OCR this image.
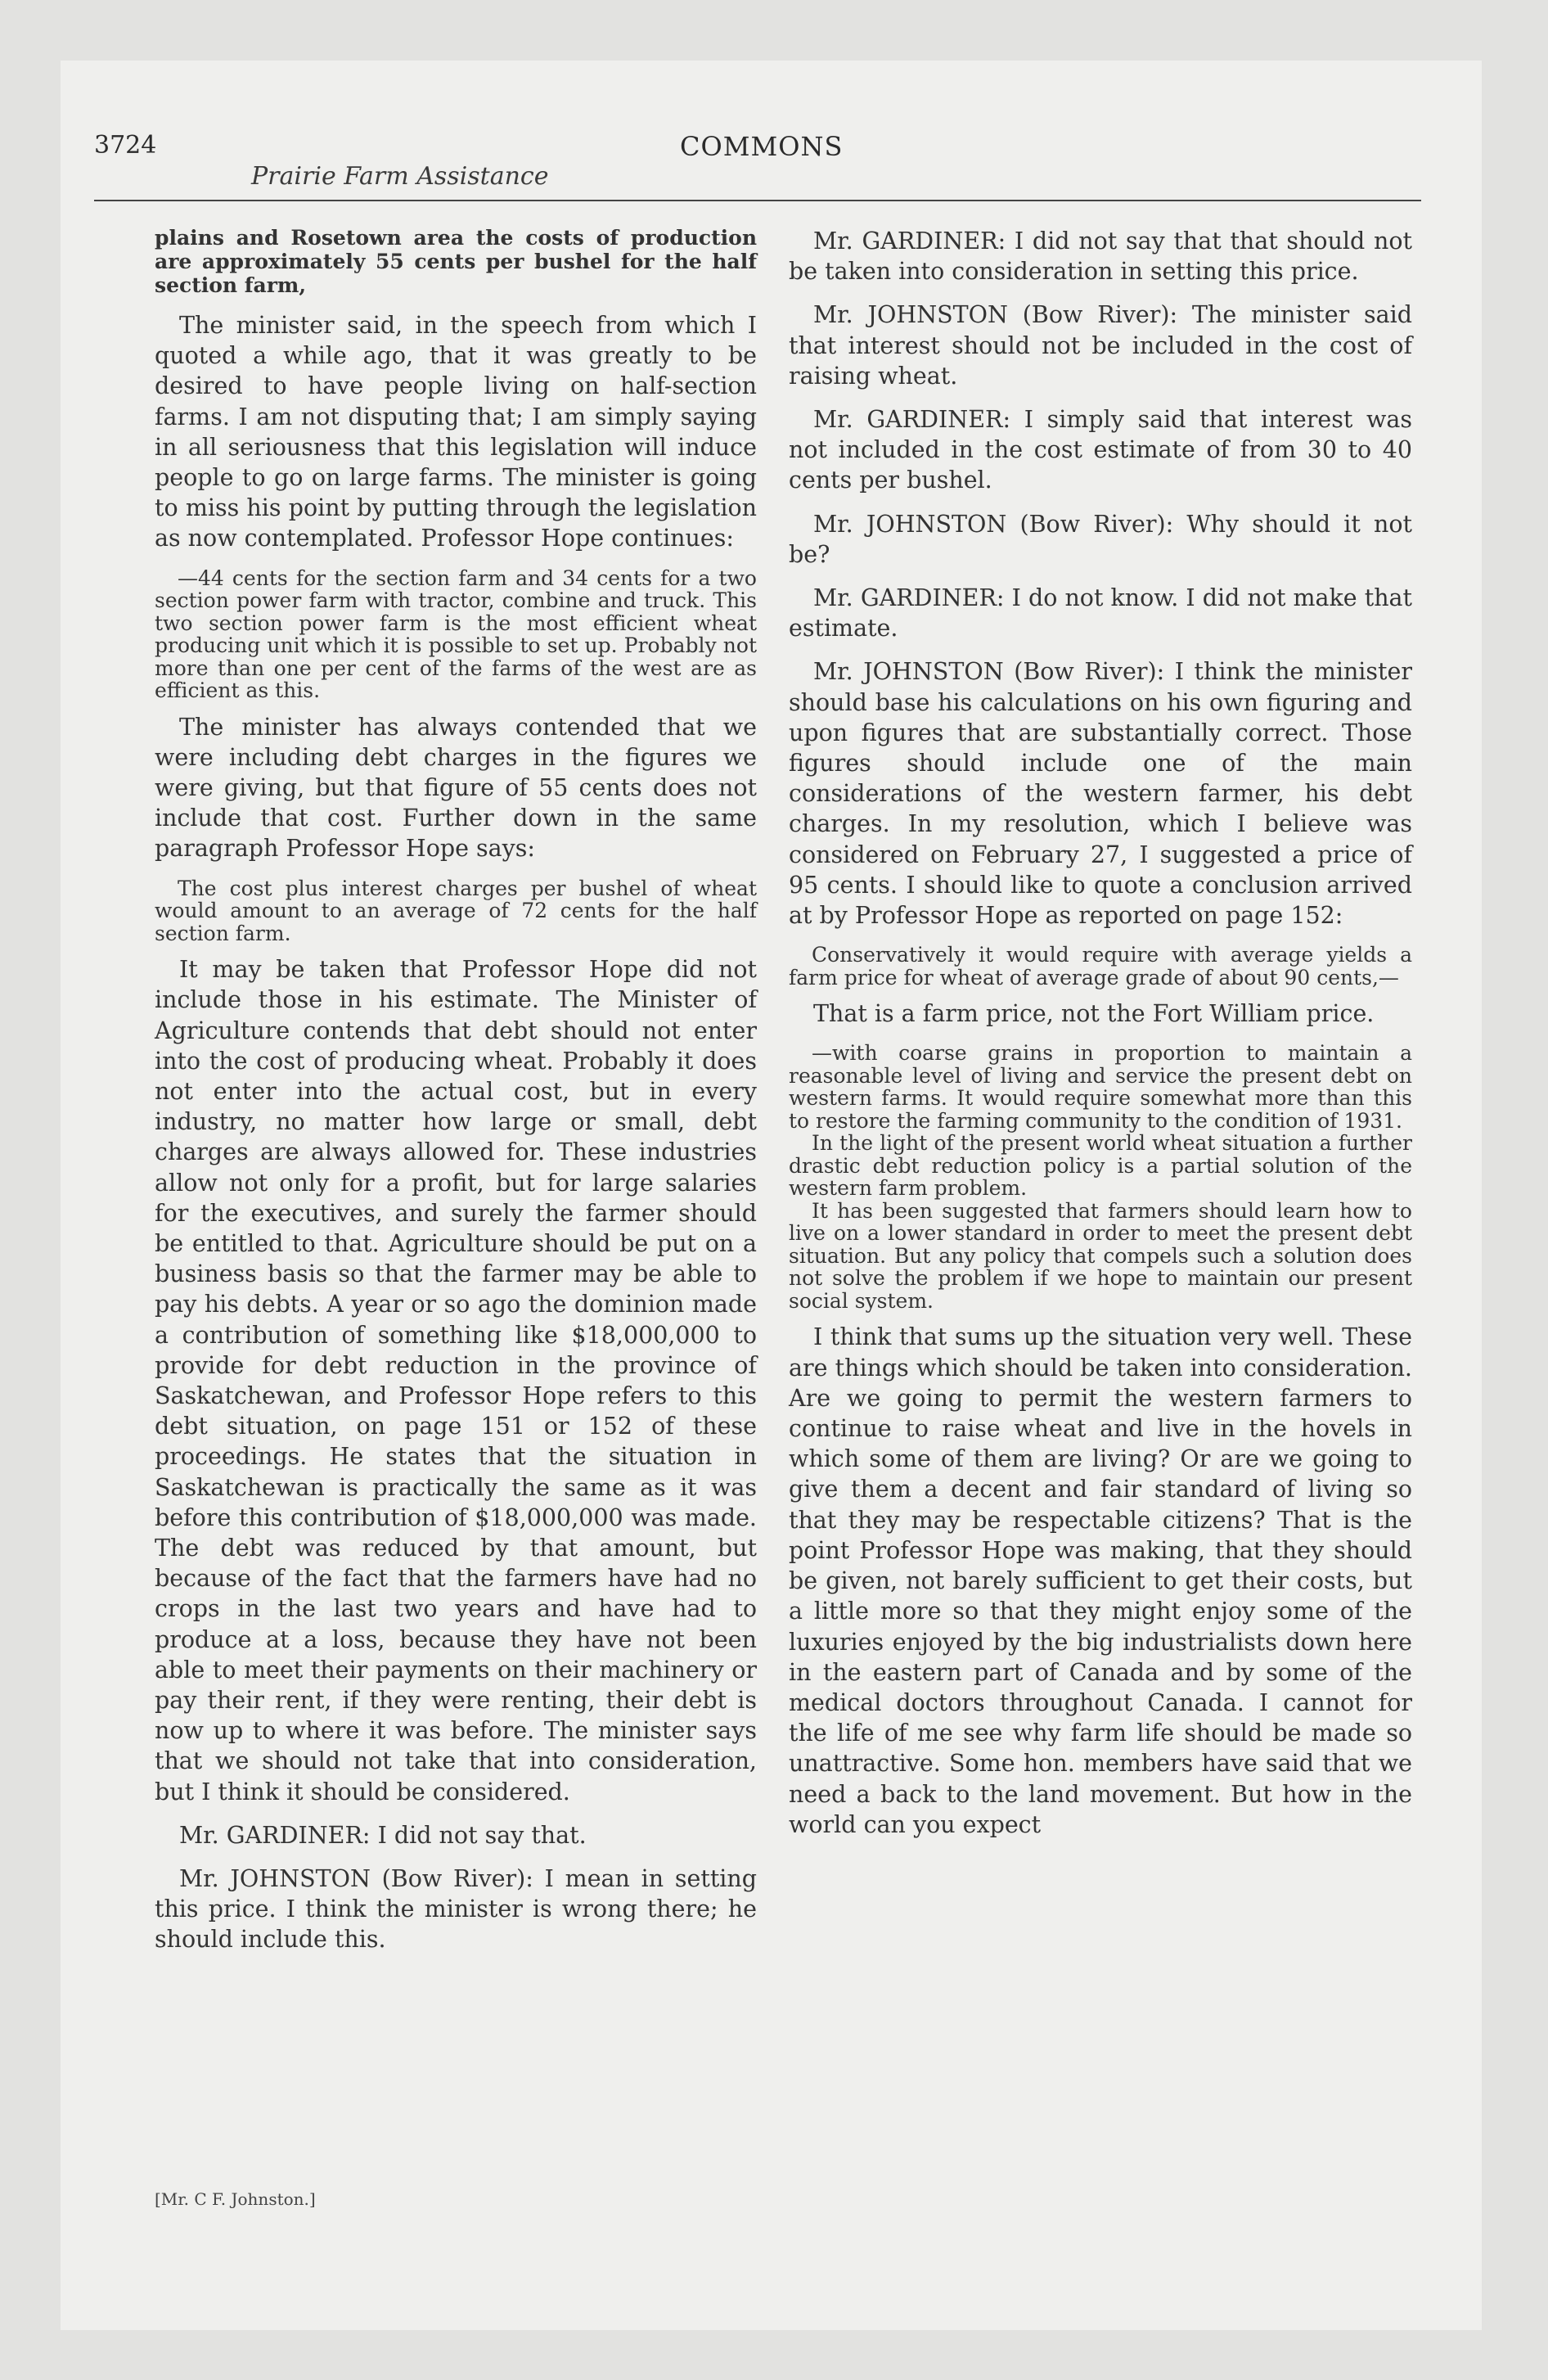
3724
Prairie Farm Assistance
COMMONS

plains and Rosetown area the costs of production are approximately 55 cents per bushel for the half section farm,

The minister said, in the speech from which I quoted a while ago, that it was greatly to be desired to have people living on half-section farms. I am not disputing that; I am simply saying in all seriousness that this legislation will induce people to go on large farms. The minister is going to miss his point by putting through the legislation as now contemplated. Professor Hope continues:

—44 cents for the section farm and 34 cents for a two section power farm with tractor, combine and truck. This two section power farm is the most efficient wheat producing unit which it is possible to set up. Probably not more than one per cent of the farms of the west are as efficient as this.

The minister has always contended that we were including debt charges in the figures we were giving, but that figure of 55 cents does not include that cost. Further down in the same paragraph Professor Hope says:

The cost plus interest charges per bushel of wheat would amount to an average of 72 cents for the half section farm.

It may be taken that Professor Hope did not include those in his estimate. The Minister of Agriculture contends that debt should not enter into the cost of producing wheat. Probably it does not enter into the actual cost, but in every industry, no matter how large or small, debt charges are always allowed for. These industries allow not only for a profit, but for large salaries for the executives, and surely the farmer should be entitled to that. Agriculture should be put on a business basis so that the farmer may be able to pay his debts. A year or so ago the dominion made a contribution of something like $18,000,000 to provide for debt reduction in the province of Saskatchewan, and Professor Hope refers to this debt situation, on page 151 or 152 of these proceedings. He states that the situation in Saskatchewan is practically the same as it was before this contribution of $18,000,000 was made. The debt was reduced by that amount, but because of the fact that the farmers have had no crops in the last two years and have had to produce at a loss, because they have not been able to meet their payments on their machinery or pay their rent, if they were renting, their debt is now up to where it was before. The minister says that we should not take that into consideration, but I think it should be considered.

Mr. GARDINER: I did not say that.

Mr. JOHNSTON (Bow River): I mean in setting this price. I think the minister is wrong there; he should include this.

[Mr. C F. Johnston.]

Mr. GARDINER: I did not say that that should not be taken into consideration in setting this price.

Mr. JOHNSTON (Bow River): The minister said that interest should not be included in the cost of raising wheat.

Mr. GARDINER: I simply said that interest was not included in the cost estimate of from 30 to 40 cents per bushel.

Mr. JOHNSTON (Bow River): Why should it not be?

Mr. GARDINER: I do not know. I did not make that estimate.

Mr. JOHNSTON (Bow River): I think the minister should base his calculations on his own figuring and upon figures that are substantially correct. Those figures should include one of the main considerations of the western farmer, his debt charges. In my resolution, which I believe was considered on February 27, I suggested a price of 95 cents. I should like to quote a conclusion arrived at by Professor Hope as reported on page 152:

Conservatively it would require with average yields a farm price for wheat of average grade of about 90 cents,—

That is a farm price, not the Fort William price.

—with coarse grains in proportion to maintain a reasonable level of living and service the present debt on western farms. It would require somewhat more than this to restore the farming community to the condition of 1931.

In the light of the present world wheat situation a further drastic debt reduction policy is a partial solution of the western farm problem.

It has been suggested that farmers should learn how to live on a lower standard in order to meet the present debt situation. But any policy that compels such a solution does not solve the problem if we hope to maintain our present social system.

I think that sums up the situation very well. These are things which should be taken into consideration. Are we going to permit the western farmers to continue to raise wheat and live in the hovels in which some of them are living? Or are we going to give them a decent and fair standard of living so that they may be respectable citizens? That is the point Professor Hope was making, that they should be given, not barely sufficient to get their costs, but a little more so that they might enjoy some of the luxuries enjoyed by the big industrialists down here in the eastern part of Canada and by some of the medical doctors throughout Canada. I cannot for the life of me see why farm life should be made so unattractive. Some hon. members have said that we need a back to the land movement. But how in the world can you expect
